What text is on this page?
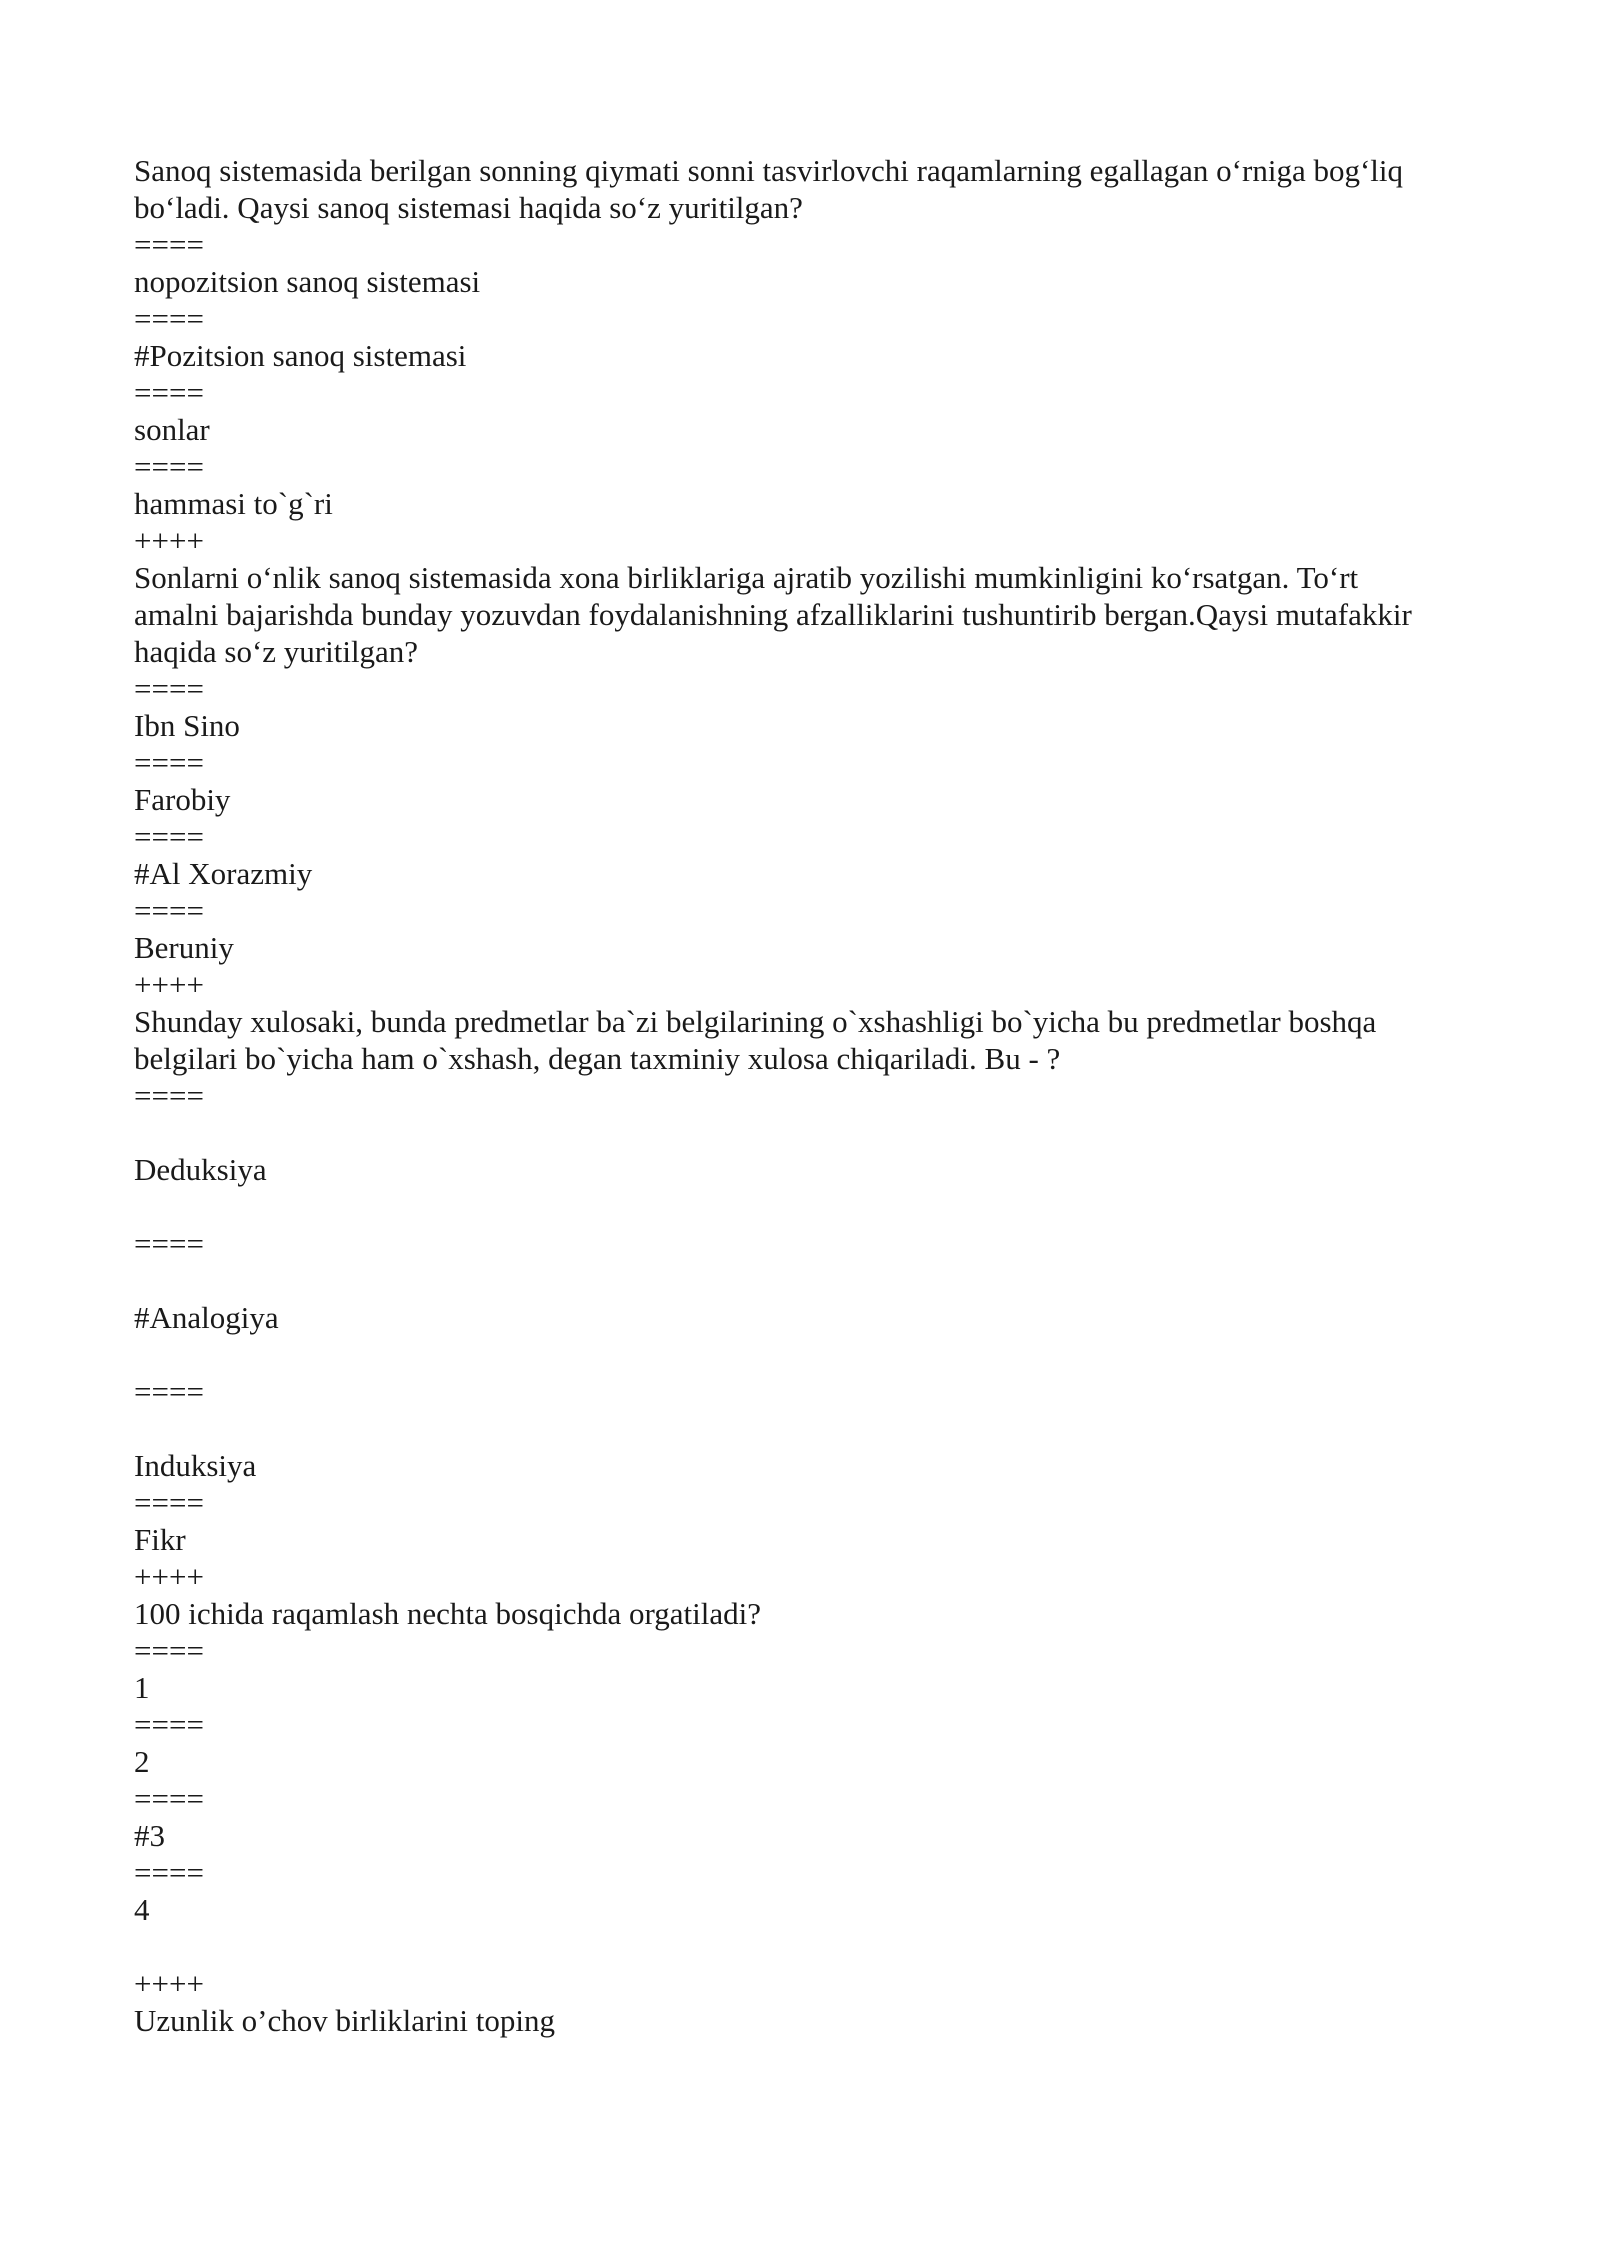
Sanoq sistemasida berilgan sonning qiymati sonni tasvirlovchi raqamlarning egallagan o‘rniga bog‘liq
bo‘ladi. Qaysi sanoq sistemasi haqida so‘z yuritilgan?
====
nopozitsion sanoq sistemasi
====
#Pozitsion sanoq sistemasi
====
sonlar
====
hammasi to`g`ri
++++
Sonlarni o‘nlik sanoq sistemasida xona birliklariga ajratib yozilishi mumkinligini ko‘rsatgan. To‘rt
amalni bajarishda bunday yozuvdan foydalanishning afzalliklarini tushuntirib bergan.Qaysi mutafakkir
haqida so‘z yuritilgan?
====
Ibn Sino
====
Farobiy
====
#Al Xorazmiy
====
Beruniy
++++
Shunday xulosaki, bunda predmetlar ba`zi belgilarining o`xshashligi bo`yicha bu predmetlar boshqa
belgilari bo`yicha ham o`xshash, degan taxminiy xulosa chiqariladi. Bu - ?
====
Deduksiya
====
#Analogiya
====
Induksiya
====
Fikr
++++
100 ichida raqamlash nechta bosqichda orgatiladi?
====
1
====
2
====
#3
====
4
++++
Uzunlik o’chov birliklarini toping
